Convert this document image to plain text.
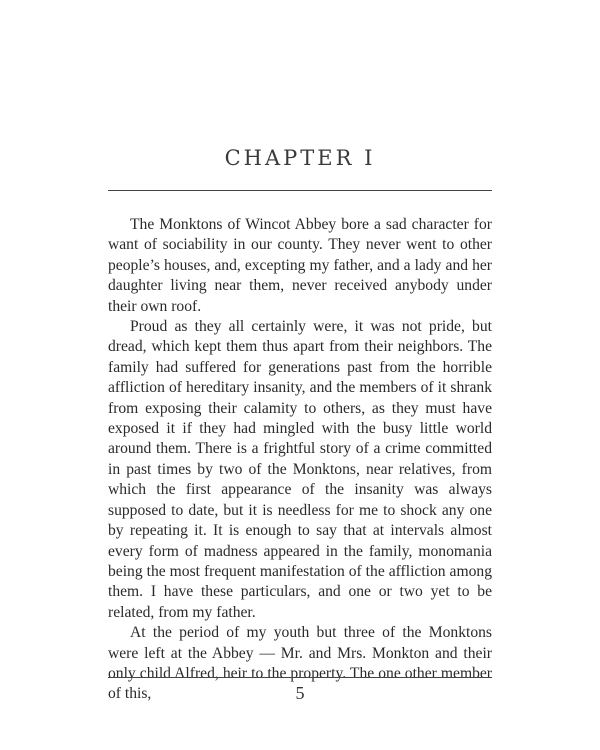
CHAPTER I

The Monktons of Wincot Abbey bore a sad character for want of sociability in our county. They never went to other people’s houses, and, excepting my father, and a lady and her daughter living near them, never received anybody under their own roof.

Proud as they all certainly were, it was not pride, but dread, which kept them thus apart from their neighbors. The family had suffered for generations past from the horrible affliction of hereditary insanity, and the members of it shrank from exposing their calamity to others, as they must have exposed it if they had mingled with the busy little world around them. There is a frightful story of a crime committed in past times by two of the Monktons, near relatives, from which the first appearance of the insanity was always supposed to date, but it is needless for me to shock any one by repeating it. It is enough to say that at intervals almost every form of madness appeared in the family, monomania being the most frequent manifestation of the affliction among them. I have these particulars, and one or two yet to be related, from my father.

At the period of my youth but three of the Monktons were left at the Abbey — Mr. and Mrs. Monkton and their only child Alfred, heir to the property. The one other member of this,	5
